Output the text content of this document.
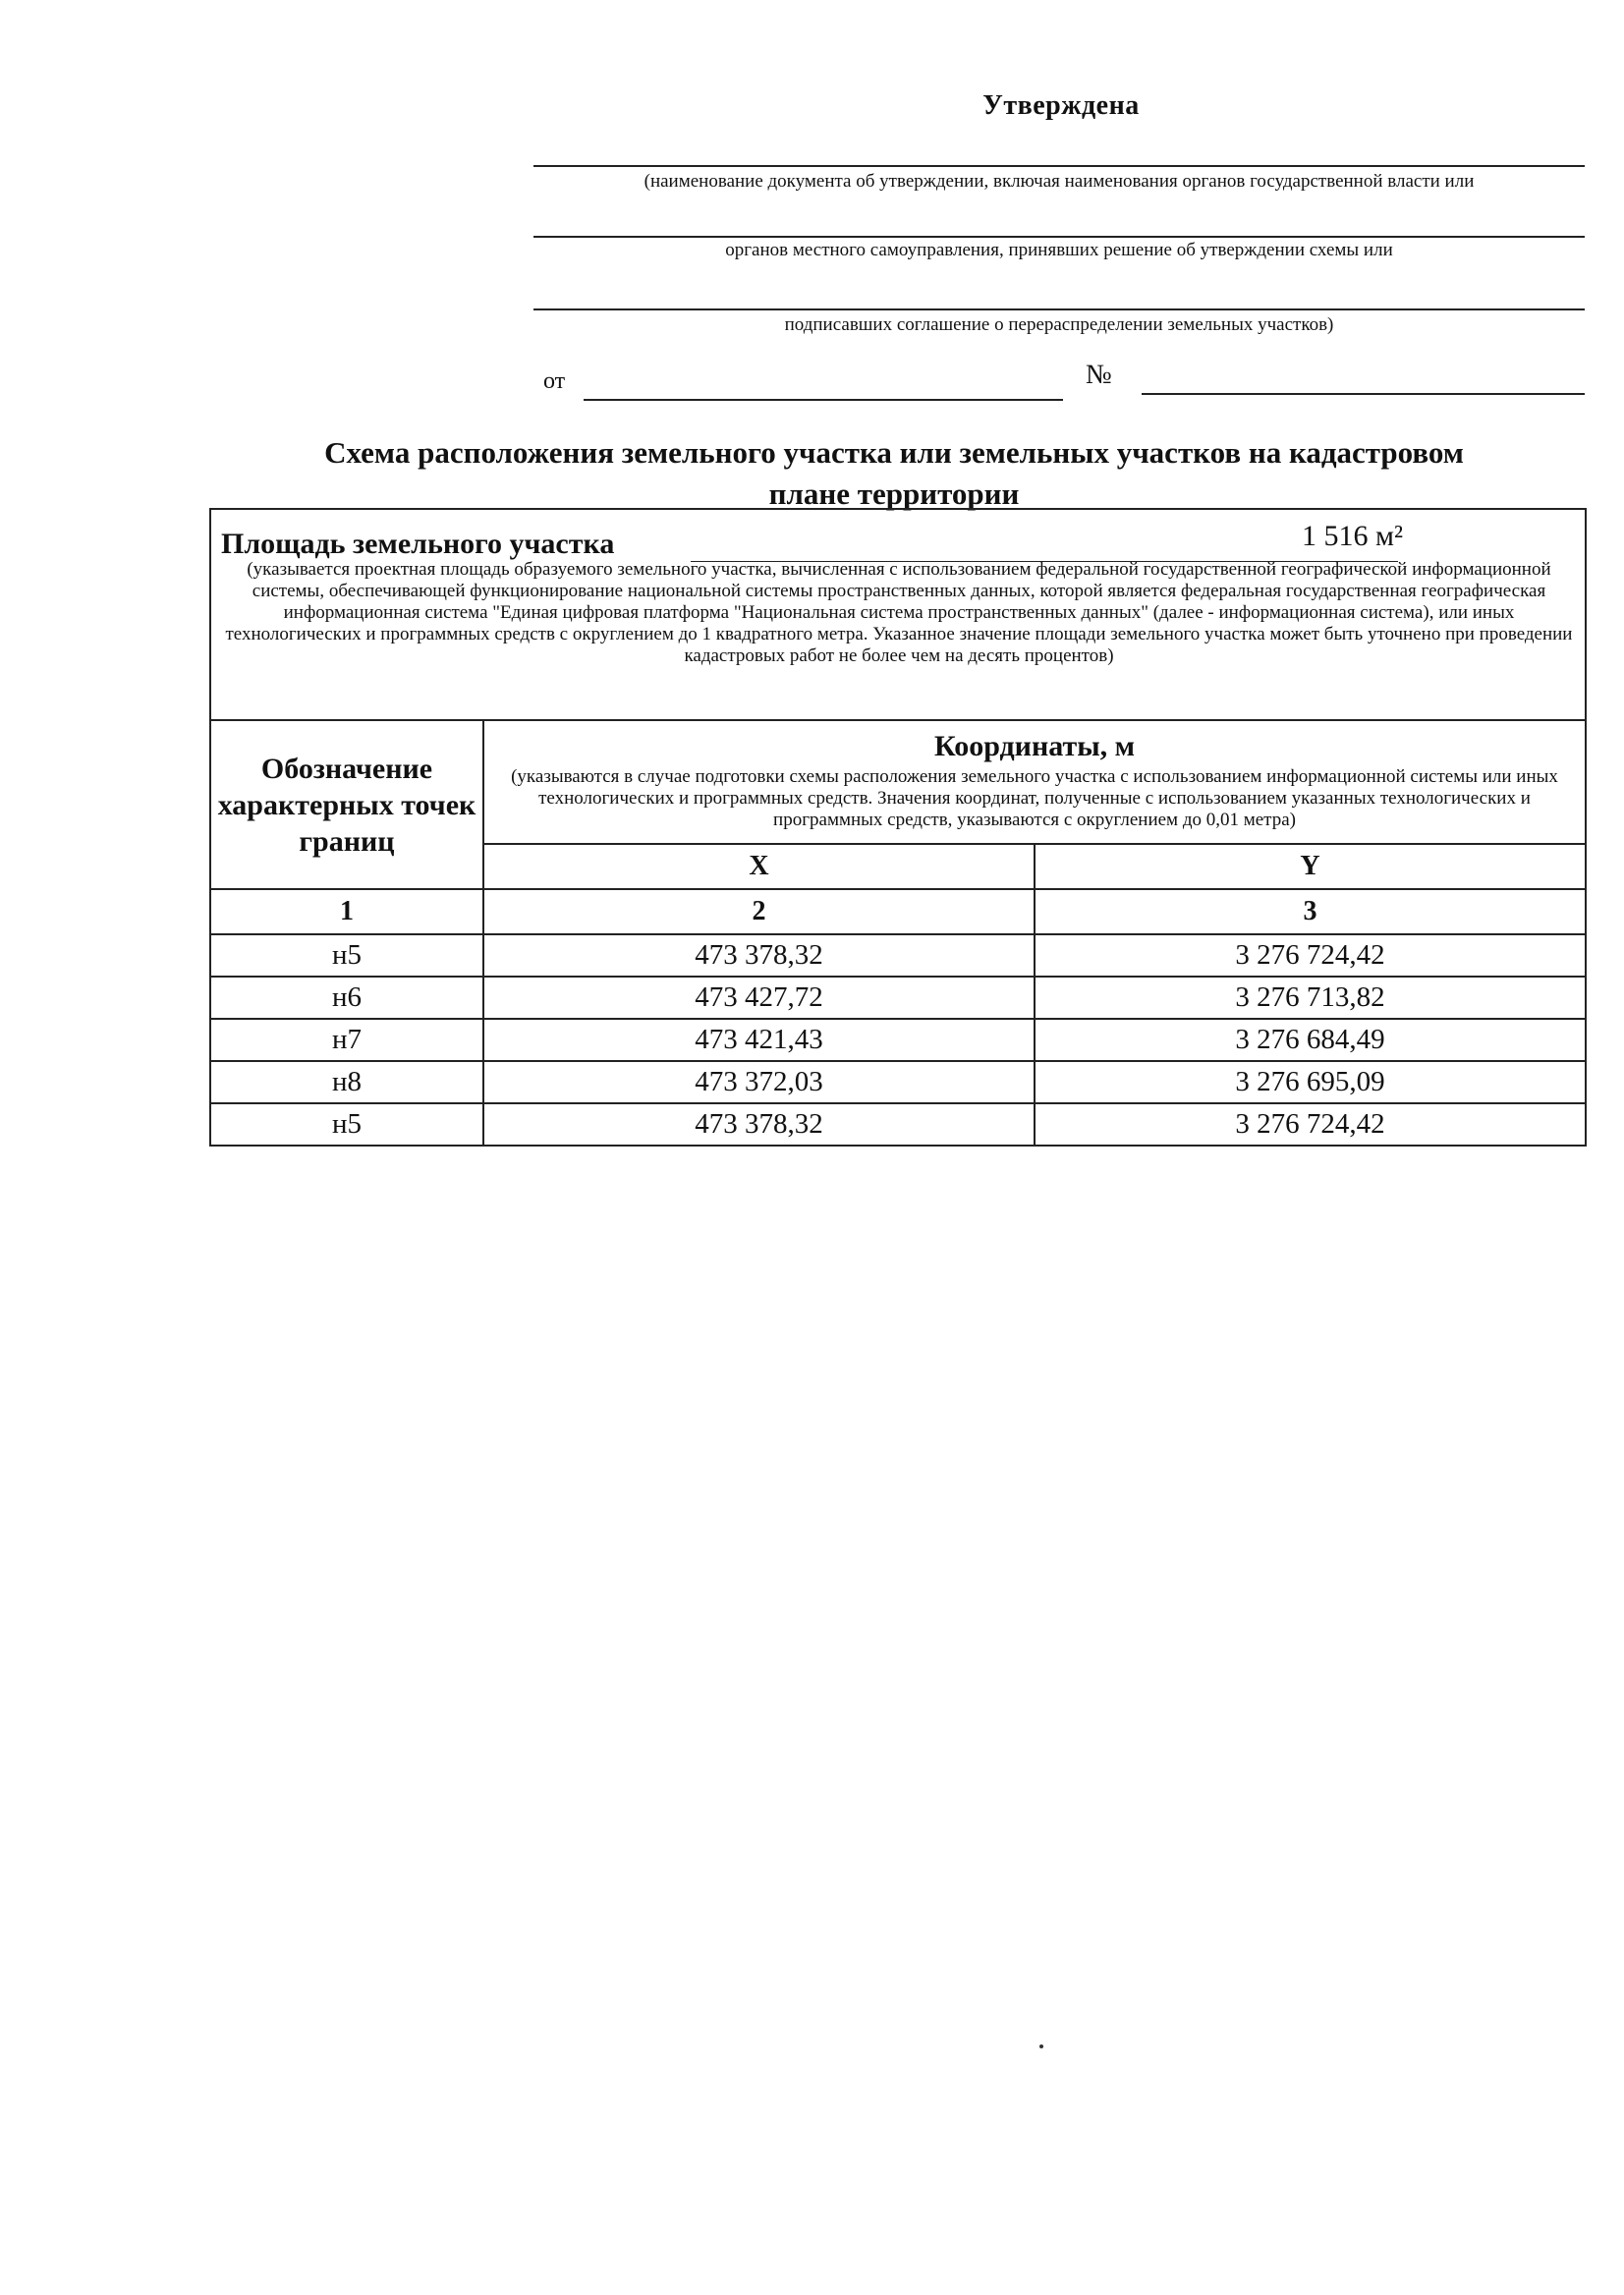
Утверждена
(наименование документа об утверждении, включая наименования органов государственной власти или
органов местного самоуправления, принявших решение об утверждении схемы или
подписавших соглашение о перераспределении земельных участков)
от	№
Схема расположения земельного участка или земельных участков на кадастровом плане территории
Площадь земельного участка 1 516 м²
(указывается проектная площадь образуемого земельного участка, вычисленная с использованием федеральной государственной географической информационной системы, обеспечивающей функционирование национальной системы пространственных данных, которой является федеральная государственная географическая информационная система "Единая цифровая платформа "Национальная система пространственных данных" (далее - информационная система), или иных технологических и программных средств с округлением до 1 квадратного метра. Указанное значение площади земельного участка может быть уточнено при проведении кадастровых работ не более чем на десять процентов)		

Обозначение характерных точек границ	Координаты, м
(указываются в случае подготовки схемы расположения земельного участка с использованием информационной системы или иных технологических и программных средств. Значения координат, полученные с использованием указанных технологических и программных средств, указываются с округлением до 0,01 метра)	

	X	Y
1	2	3
н5	473 378,32	3 276 724,42
н6	473 427,72	3 276 713,82
н7	473 421,43	3 276 684,49
н8	473 372,03	3 276 695,09
н5	473 378,32	3 276 724,42
